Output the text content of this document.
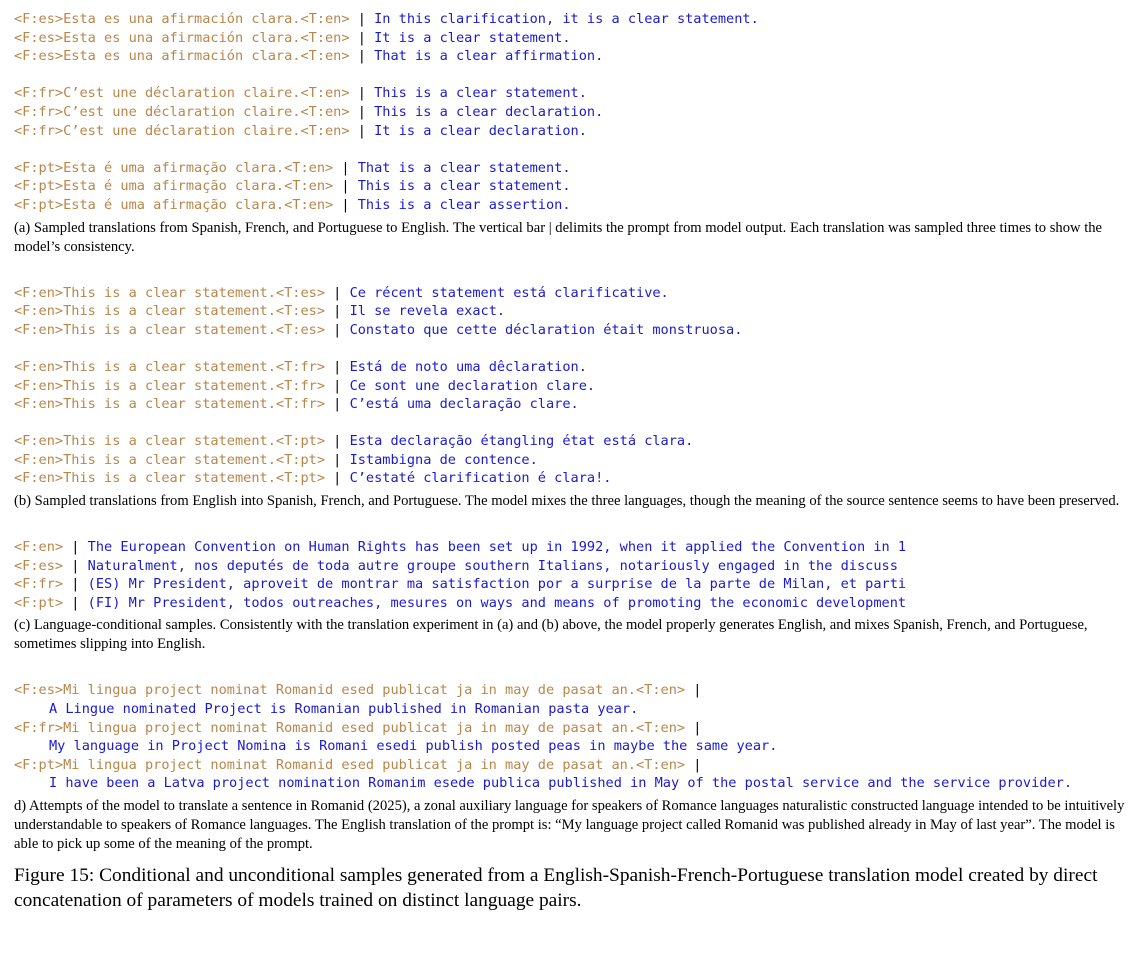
<F:es>Esta es una afirmación clara.<T:en> | In this clarification, it is a clear statement.
<F:es>Esta es una afirmación clara.<T:en> | It is a clear statement.
<F:es>Esta es una afirmación clara.<T:en> | That is a clear affirmation.
<F:fr>C’est une déclaration claire.<T:en> | This is a clear statement.
<F:fr>C’est une déclaration claire.<T:en> | This is a clear declaration.
<F:fr>C’est une déclaration claire.<T:en> | It is a clear declaration.
<F:pt>Esta é uma afirmação clara.<T:en> | That is a clear statement.
<F:pt>Esta é uma afirmação clara.<T:en> | This is a clear statement.
<F:pt>Esta é uma afirmação clara.<T:en> | This is a clear assertion.
(a) Sampled translations from Spanish, French, and Portuguese to English. The vertical bar | delimits the prompt from model output. Each translation was sampled three times to show the model’s consistency.
<F:en>This is a clear statement.<T:es> | Ce récent statement está clarificative.
<F:en>This is a clear statement.<T:es> | Il se revela exact.
<F:en>This is a clear statement.<T:es> | Constato que cette déclaration était monstruosa.
<F:en>This is a clear statement.<T:fr> | Está de noto uma dêclaration.
<F:en>This is a clear statement.<T:fr> | Ce sont une declaration clare.
<F:en>This is a clear statement.<T:fr> | C’está uma declaração clare.
<F:en>This is a clear statement.<T:pt> | Esta declaração étangling état está clara.
<F:en>This is a clear statement.<T:pt> | Istambigna de contence.
<F:en>This is a clear statement.<T:pt> | C’estaté clarification é clara!.
(b) Sampled translations from English into Spanish, French, and Portuguese. The model mixes the three languages, though the meaning of the source sentence seems to have been preserved.
<F:en> | The European Convention on Human Rights has been set up in 1992, when it applied the Convention in 1
<F:es> | Naturalment, nos deputés de toda autre groupe southern Italians, notariously engaged in the discuss
<F:fr> | (ES) Mr President, aproveit de montrar ma satisfaction por a surprise de la parte de Milan, et parti
<F:pt> | (FI) Mr President, todos outreaches, mesures on ways and means of promoting the economic development
(c) Language-conditional samples. Consistently with the translation experiment in (a) and (b) above, the model properly generates English, and mixes Spanish, French, and Portuguese, sometimes slipping into English.
<F:es>Mi lingua project nominat Romanid esed publicat ja in may de pasat an.<T:en> |
A Lingue nominated Project is Romanian published in Romanian pasta year.
<F:fr>Mi lingua project nominat Romanid esed publicat ja in may de pasat an.<T:en> |
My language in Project Nomina is Romani esedi publish posted peas in maybe the same year.
<F:pt>Mi lingua project nominat Romanid esed publicat ja in may de pasat an.<T:en> |
I have been a Latva project nomination Romanim esede publica published in May of the postal service and the service provider.
d) Attempts of the model to translate a sentence in Romanid (2025), a zonal auxiliary language for speakers of Romance languages naturalistic constructed language intended to be intuitively understandable to speakers of Romance languages. The English translation of the prompt is: “My language project called Romanid was published already in May of last year”. The model is able to pick up some of the meaning of the prompt.
Figure 15: Conditional and unconditional samples generated from a English-Spanish-French-Portuguese translation model created by direct concatenation of parameters of models trained on distinct language pairs.
